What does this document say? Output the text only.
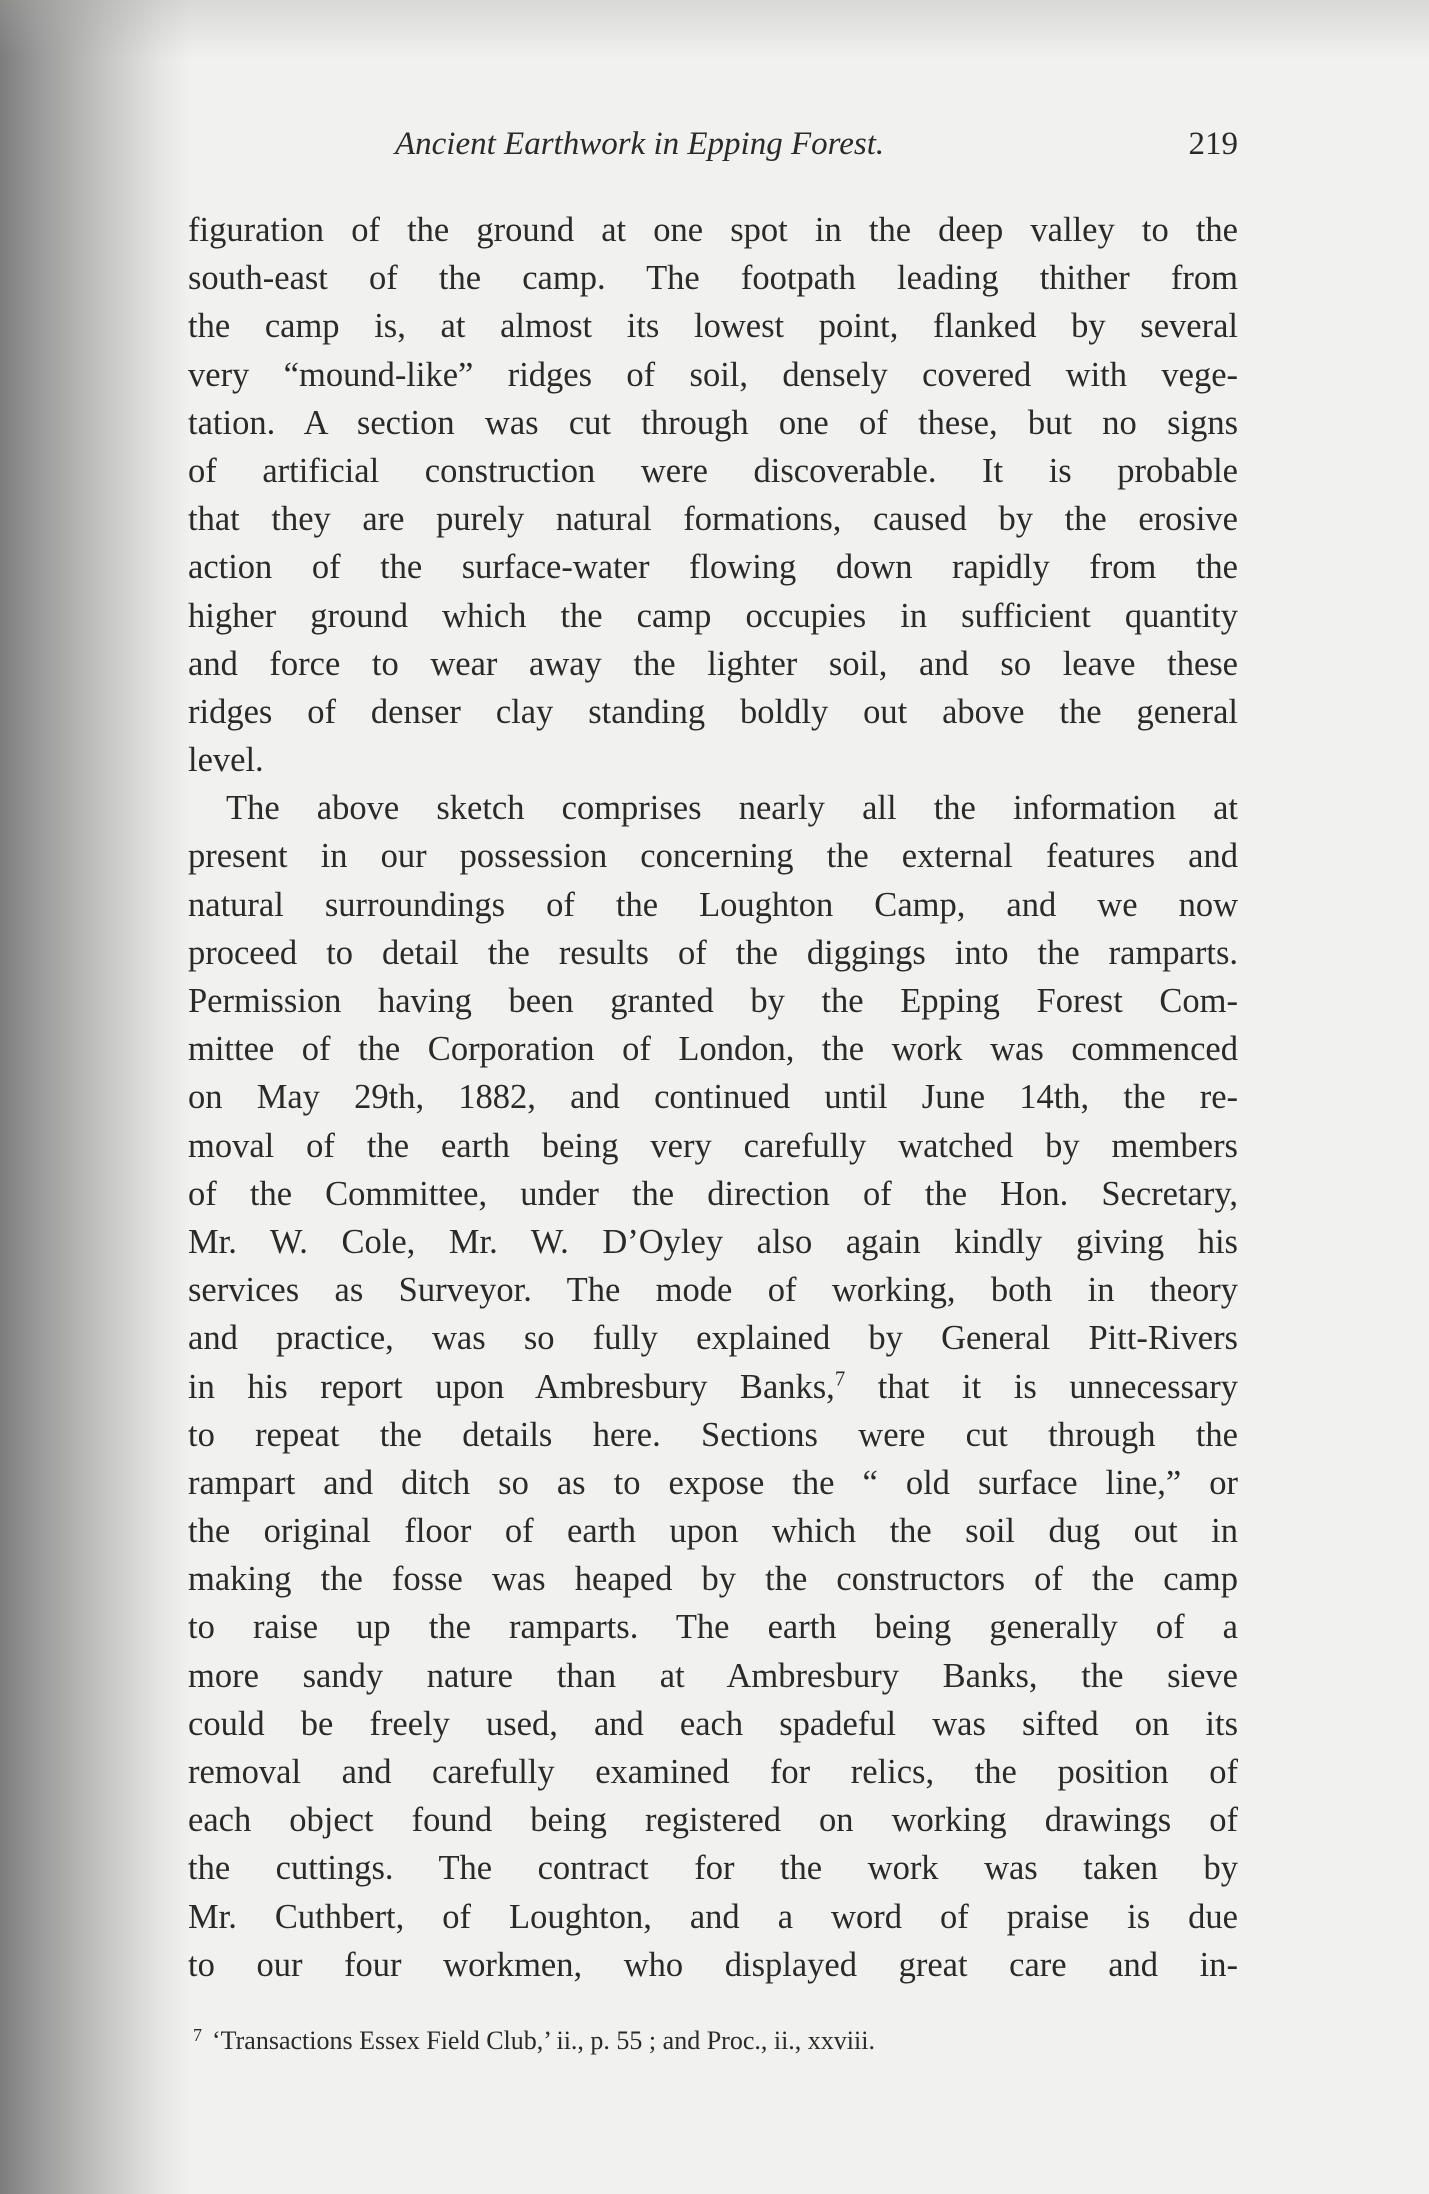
Ancient Earthwork in Epping Forest.	219
figuration of the ground at one spot in the deep valley to the
south-east of the camp. The footpath leading thither from
the camp is, at almost its lowest point, flanked by several
very “mound-like” ridges of soil, densely covered with vege-
tation. A section was cut through one of these, but no signs
of artificial construction were discoverable. It is probable
that they are purely natural formations, caused by the erosive
action of the surface-water flowing down rapidly from the
higher ground which the camp occupies in sufficient quantity
and force to wear away the lighter soil, and so leave these
ridges of denser clay standing boldly out above the general
level.
The above sketch comprises nearly all the information at
present in our possession concerning the external features and
natural surroundings of the Loughton Camp, and we now
proceed to detail the results of the diggings into the ramparts.
Permission having been granted by the Epping Forest Com-
mittee of the Corporation of London, the work was commenced
on May 29th, 1882, and continued until June 14th, the re-
moval of the earth being very carefully watched by members
of the Committee, under the direction of the Hon. Secretary,
Mr. W. Cole, Mr. W. D’Oyley also again kindly giving his
services as Surveyor. The mode of working, both in theory
and practice, was so fully explained by General Pitt-Rivers
in his report upon Ambresbury Banks,$^7$ that it is unnecessary
to repeat the details here. Sections were cut through the
rampart and ditch so as to expose the “ old surface line,” or
the original floor of earth upon which the soil dug out in
making the fosse was heaped by the constructors of the camp
to raise up the ramparts. The earth being generally of a
more sandy nature than at Ambresbury Banks, the sieve
could be freely used, and each spadeful was sifted on its
removal and carefully examined for relics, the position of
each object found being registered on working drawings of
the cuttings. The contract for the work was taken by
Mr. Cuthbert, of Loughton, and a word of praise is due
to our four workmen, who displayed great care and in-
$^7$ ‘Transactions Essex Field Club,’ ii., p. 55 ; and Proc., ii., xxviii.
